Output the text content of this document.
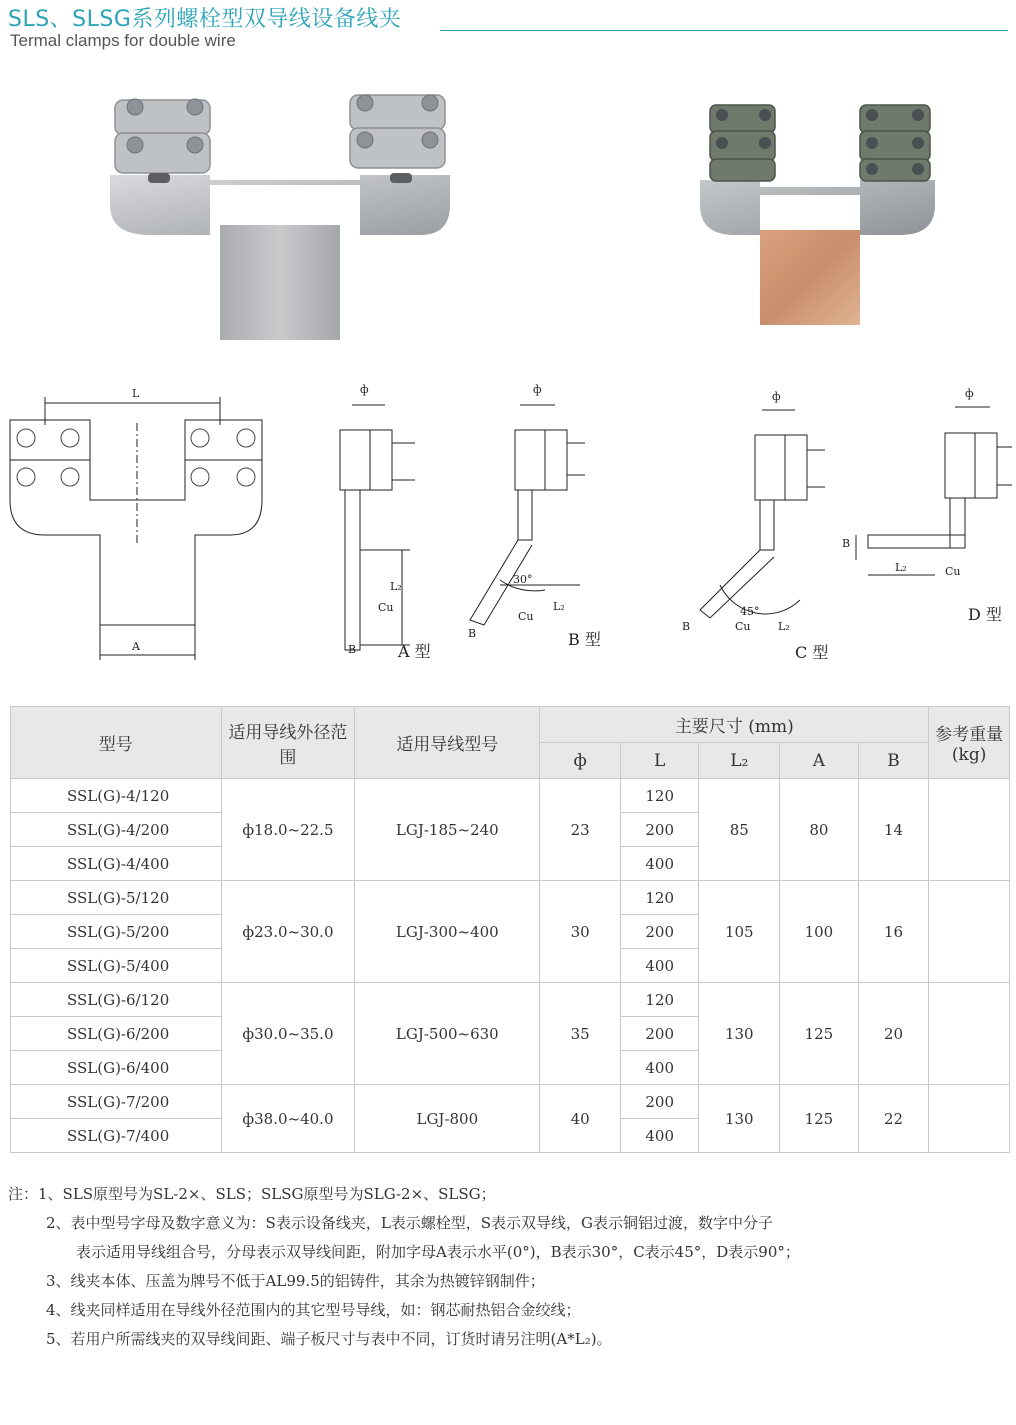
SLS、SLSG系列螺栓型双导线设备线夹
Termal clamps for double wire
L
A
ф
B
L₂
Cu
A 型
ф
30°
Cu
L₂
B	B 型
ф
45°
Cu L₂
B
C 型
ф
B
L₂	Cu
D 型
型号	适用导线外径范围	适用导线型号	主要尺寸 (mm)					参考重量(kg)
			ф	L	L₂	A	B	
SSL(G)-4/120	ф18.0~22.5	LGJ-185~240	23	120	85	80	14	
SSL(G)-4/200				200				
SSL(G)-4/400				400				
SSL(G)-5/120	ф23.0~30.0	LGJ-300~400	30	120	105	100	16	
SSL(G)-5/200				200				
SSL(G)-5/400				400				
SSL(G)-6/120	ф30.0~35.0	LGJ-500~630	35	120	130	125	20	
SSL(G)-6/200				200				
SSL(G)-6/400				400				
SSL(G)-7/200	ф38.0~40.0	LGJ-800	40	200	130	125	22	
SSL(G)-7/400				400				
注：1、SLS原型号为SL-2×、SLS；SLSG原型号为SLG-2×、SLSG；
2、表中型号字母及数字意义为：S表示设备线夹，L表示螺栓型，S表示双导线，G表示铜铝过渡，数字中分子
表示适用导线组合号，分母表示双导线间距，附加字母A表示水平(0°)，B表示30°，C表示45°，D表示90°；
3、线夹本体、压盖为牌号不低于AL99.5的铝铸件，其余为热镀锌钢制件；
4、线夹同样适用在导线外径范围内的其它型号导线，如：钢芯耐热铝合金绞线；
5、若用户所需线夹的双导线间距、端子板尺寸与表中不同，订货时请另注明(A*L₂)。
